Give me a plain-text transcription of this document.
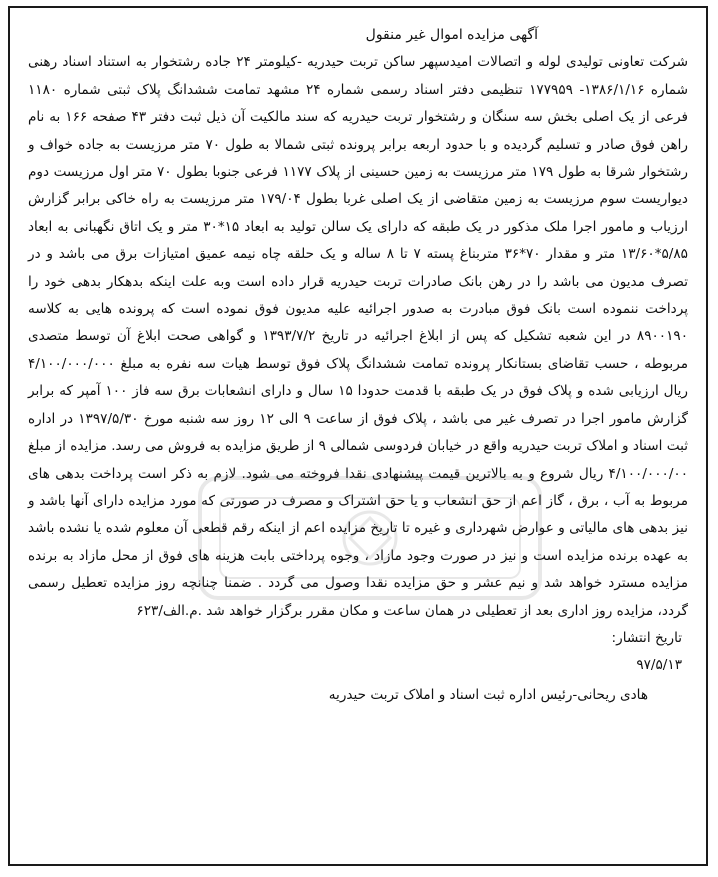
آگهی مزایده اموال غیر منقول

شرکت تعاونی تولیدی لوله و اتصالات امیدسپهر ساکن تربت حیدریه -کیلومتر ۲۴ جاده رشتخوار به استناد اسناد رهنی شماره ۱۳۸۶/۱/۱۶- ۱۷۷۹۵۹ تنظیمی دفتر اسناد رسمی شماره ۲۴ مشهد تمامت ششدانگ پلاک ثبتی شماره ۱۱۸۰ فرعی از یک اصلی بخش سه سنگان و رشتخوار تربت حیدریه که سند مالکیت آن ذیل ثبت دفتر ۴۳ صفحه ۱۶۶ به نام راهن فوق صادر و تسلیم گردیده و با حدود اربعه برابر پرونده ثبتی شمالا به طول ۷۰ متر مرزیست به جاده خواف و رشتخوار شرقا به طول ۱۷۹ متر مرزیست به زمین حسینی از پلاک ۱۱۷۷ فرعی جنوبا بطول ۷۰ متر اول مرزیست دوم دیواریست سوم مرزیست به زمین متقاضی از یک اصلی غربا بطول ۱۷۹/۰۴ متر مرزیست به راه خاکی برابر گزارش ارزیاب و مامور اجرا ملک مذکور در یک طبقه که دارای یک سالن تولید به ابعاد ۱۵*۳۰ متر و یک اتاق نگهبانی به ابعاد ۵/۸۵*۱۳/۶۰ متر و مقدار ۷۰*۳۶ متربناغ پسته ۷ تا ۸ ساله و یک حلقه چاه نیمه عمیق امتیازات برق می باشد و در تصرف مدیون می باشد را در رهن بانک صادرات تربت حیدریه قرار داده است وبه علت اینکه بدهکار بدهی خود را پرداخت ننموده است بانک فوق مبادرت به صدور اجرائیه علیه مدیون فوق نموده است که پرونده هایی به کلاسه ۸۹۰۰۱۹۰ در این شعبه تشکیل که پس از ابلاغ اجرائیه در تاریخ ۱۳۹۳/۷/۲ و گواهی صحت ابلاغ آن توسط متصدی مربوطه ، حسب تقاضای بستانکار پرونده تمامت ششدانگ پلاک فوق توسط هیات سه نفره به مبلغ ۴/۱۰۰/۰۰۰/۰۰۰ ریال ارزیابی شده و پلاک فوق در یک طبقه با قدمت حدودا ۱۵ سال و دارای انشعابات برق سه فاز ۱۰۰ آمپر که برابر گزارش مامور اجرا در تصرف غیر می باشد ، پلاک فوق از ساعت ۹ الی ۱۲ روز سه شنبه مورخ ۱۳۹۷/۵/۳۰ در اداره ثبت اسناد و املاک تربت حیدریه واقع در خیابان فردوسی شمالی ۹ از طریق مزایده به فروش می رسد. مزایده از مبلغ ۴/۱۰۰/۰۰۰/۰۰ ریال شروع و به بالاترین قیمت پیشنهادی نقدا فروخته می شود. لازم به ذکر است پرداخت بدهی های مربوط به آب ، برق ، گاز اعم از حق انشعاب و یا حق اشتراک و مصرف در صورتی که مورد مزایده دارای آنها باشد و نیز بدهی های مالیاتی و عوارض شهرداری و غیره تا تاریخ مزایده اعم از اینکه رقم قطعی آن معلوم شده یا نشده باشد به عهده برنده مزایده است و نیز در صورت وجود مازاد ، وجوه پرداختی بابت هزینه های فوق از محل مازاد به برنده مزایده مسترد خواهد شد و نیم عشر و حق مزایده نقدا وصول می گردد . ضمنا چنانچه روز مزایده تعطیل رسمی گردد، مزایده روز اداری بعد از تعطیلی در همان ساعت و مکان مقرر برگزار خواهد شد .م.الف/۶۲۳

تاریخ انتشار:
۹۷/۵/۱۳
هادی ریحانی-رئیس اداره ثبت اسناد و املاک تربت حیدریه
